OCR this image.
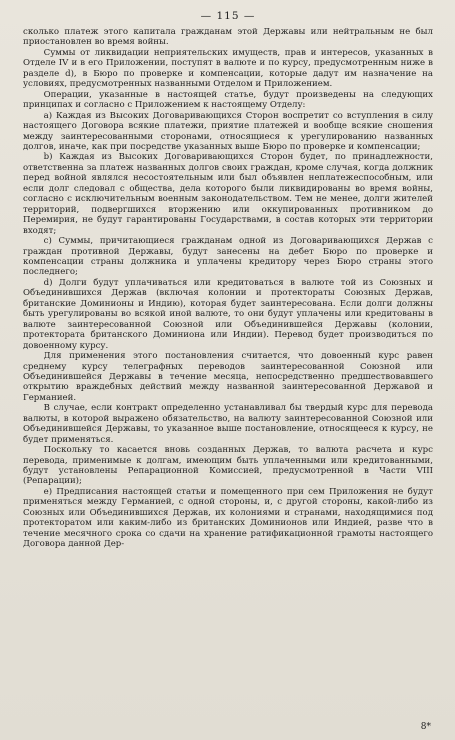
— 115 —

сколько платеж этого капитала гражданам этой Державы или нейтральным не был приостановлен во время войны.

Суммы от ликвидации неприятельских имуществ, прав и интересов, указанных в Отделе IV и в его Приложении, поступят в валюте и по курсу, предусмотренным ниже в разделе d), в Бюро по проверке и компенсации, которые дадут им назначение на условиях, предусмотренных названными Отделом и Приложением.

Операции, указанные в настоящей статье, будут произведены на следующих принципах и согласно с Приложением к настоящему Отделу:

а) Каждая из Высоких Договаривающихся Сторон воспретит со вступления в силу настоящего Договора всякие платежи, приятие платежей и вообще всякие сношения между заинтересованными сторонами, относящиеся к урегулированию названных долгов, иначе, как при посредстве указанных выше Бюро по проверке и компенсации;

b) Каждая из Высоких Договаривающихся Сторон будет, по принадлежности, ответственна за платеж названных долгов своих граждан, кроме случая, когда должник перед войной являлся несостоятельным или был объявлен неплатежеспособным, или если долг следовал с общества, дела которого были ликвидированы во время войны, согласно с исключительным военным законодательством. Тем не менее, долги жителей территорий, подвергшихся вторжению или оккупированных противником до Перемирия, не будут гарантированы Государствами, в состав которых эти территории входят;

с) Суммы, причитающиеся гражданам одной из Договаривающихся Держав с граждан противной Державы, будут занесены на дебет Бюро по проверке и компенсации страны должника и уплачены кредитору через Бюро страны этого последнего;

d) Долги будут уплачиваться или кредитоваться в валюте той из Союзных и Объединившихся Держав (включая колонии и протектораты Союзных Держав, британские Доминионы и Индию), которая будет заинтересована. Если долги должны быть урегулированы во всякой иной валюте, то они будут уплачены или кредитованы в валюте заинтересованной Союзной или Объединившейся Державы (колонии, протектората британского Доминиона или Индии). Перевод будет производиться по довоенному курсу.

Для применения этого постановления считается, что довоенный курс равен среднему курсу телеграфных переводов заинтересованной Союзной или Объединившейся Державы в течение месяца, непосредственно предшествовавшего открытию враждебных действий между названной заинтересованной Державой и Германией.

В случае, если контракт определенно устанавливал бы твердый курс для перевода валюты, в которой выражено обязательство, на валюту заинтересованной Союзной или Объединившейся Державы, то указанное выше постановление, относящееся к курсу, не будет применяться.

Поскольку то касается вновь созданных Держав, то валюта расчета и курс перевода, применимые к долгам, имеющим быть уплаченными или кредитованными, будут установлены Репарационной Комиссией, предусмотренной в Части VIII (Репарации);

е) Предписания настоящей статьи и помещенного при сем Приложения не будут применяться между Германией, с одной стороны, и, с другой стороны, какой-либо из Союзных или Объединившихся Держав, их колониями и странами, находящимися под протекторатом или каким-либо из британских Доминионов или Индией, разве что в течение месячного срока со сдачи на хранение ратификационной грамоты настоящего Договора данной Дер-

8*
